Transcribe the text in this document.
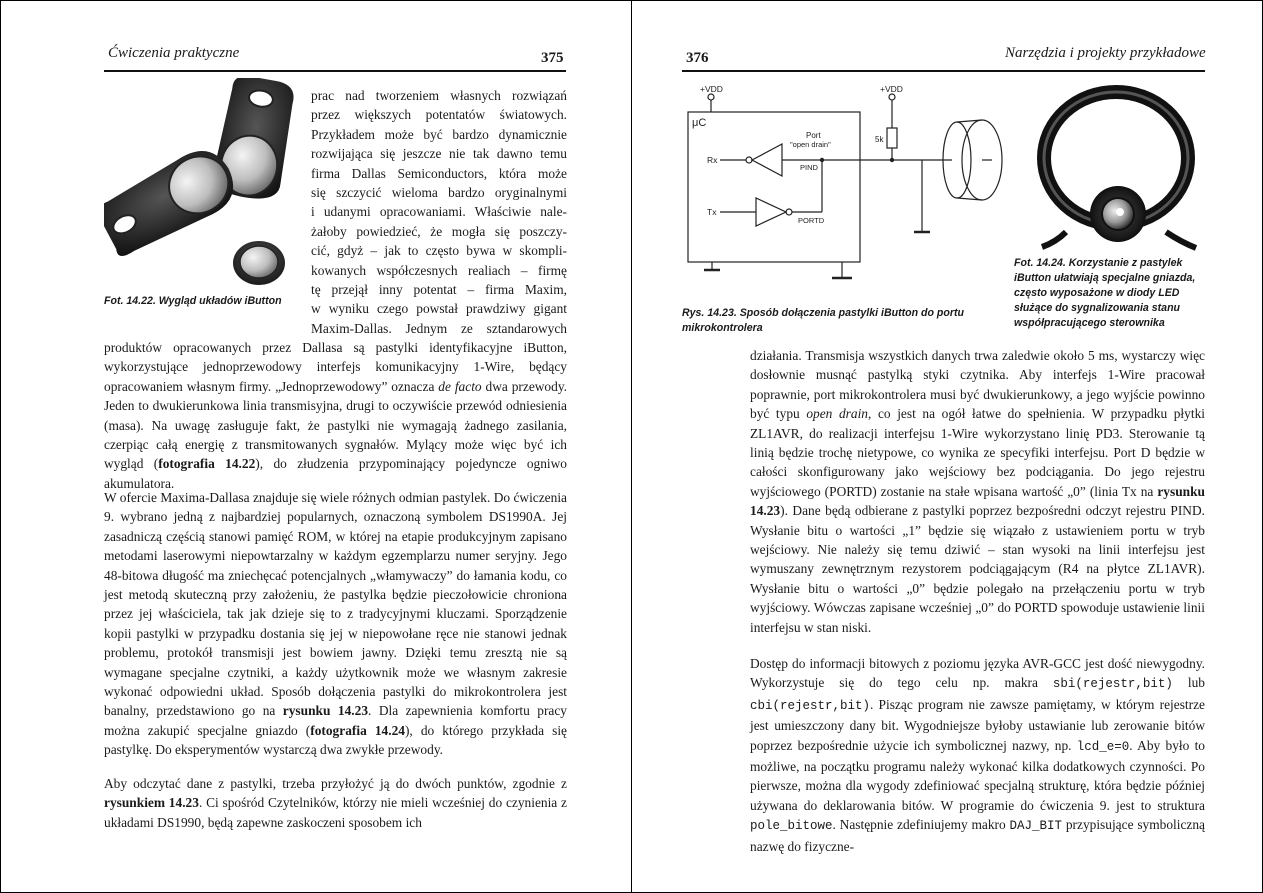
Ćwiczenia praktyczne	375
Fot. 14.22. Wygląd układów iButton
prac nad tworzeniem własnych rozwiązań
przez większych potentatów światowych.
Przykładem może być bardzo dynamicznie
rozwijająca się jeszcze nie tak dawno temu
firma Dallas Semiconductors, która może
się szczycić wieloma bardzo oryginalnymi
i udanymi opracowaniami. Właściwie nale-
żałoby powiedzieć, że mogła się poszczy-
cić, gdyż – jak to często bywa w skompli-
kowanych współczesnych realiach – firmę
tę przejął inny potentat – firma Maxim,
w wyniku czego powstał prawdziwy gigant
Maxim-Dallas. Jednym ze sztandarowych
produktów opracowanych przez Dallasa są pastylki identyfikacyjne iButton, wykorzystujące jednoprzewodowy interfejs komunikacyjny 1-Wire, będący opracowaniem własnym firmy. „Jednoprzewodowy” oznacza de facto dwa przewody. Jeden to dwukierunkowa linia transmisyjna, drugi to oczywiście przewód odniesienia (masa). Na uwagę zasługuje fakt, że pastylki nie wymagają żadnego zasilania, czerpiąc całą energię z transmitowanych sygnałów. Mylący może więc być ich wygląd (fotografia 14.22), do złudzenia przypominający pojedyncze ogniwo akumulatora.
W ofercie Maxima-Dallasa znajduje się wiele różnych odmian pastylek. Do ćwiczenia 9. wybrano jedną z najbardziej popularnych, oznaczoną symbolem DS1990A. Jej zasadniczą częścią stanowi pamięć ROM, w której na etapie produkcyjnym zapisano metodami laserowymi niepowtarzalny w każdym egzemplarzu numer seryjny. Jego 48-bitowa długość ma zniechęcać potencjalnych „włamywaczy” do łamania kodu, co jest metodą skuteczną przy założeniu, że pastylka będzie pieczołowicie chroniona przez jej właściciela, tak jak dzieje się to z tradycyjnymi kluczami. Sporządzenie kopii pastylki w przypadku dostania się jej w niepowołane ręce nie stanowi jednak problemu, protokół transmisji jest bowiem jawny. Dzięki temu zresztą nie są wymagane specjalne czytniki, a każdy użytkownik może we własnym zakresie wykonać odpowiedni układ. Sposób dołączenia pastylki do mikrokontrolera jest banalny, przedstawiono go na rysunku 14.23. Dla zapewnienia komfortu pracy można zakupić specjalne gniazdo (fotografia 14.24), do którego przykłada się pastylkę. Do eksperymentów wystarczą dwa zwykłe przewody.
Aby odczytać dane z pastylki, trzeba przyłożyć ją do dwóch punktów, zgodnie z rysunkiem 14.23. Ci spośród Czytelników, którzy nie mieli wcześniej do czynienia z układami DS1990, będą zapewne zaskoczeni sposobem ich
376	Narzędzia i projekty przykładowe
+VDD	+VDD
μC
Port
"open drain"
5k
Rx
Tx
PIND
PORTD
Rys. 14.23. Sposób dołączenia pastylki iButton do portu mikrokontrolera
Fot. 14.24. Korzystanie z pastylek iButton ułatwiają specjalne gniazda, często wyposażone w diody LED służące do sygnalizowania stanu współpracującego sterownika
działania. Transmisja wszystkich danych trwa zaledwie około 5 ms, wystarczy więc dosłownie musnąć pastylką styki czytnika. Aby interfejs 1-Wire pracował poprawnie, port mikrokontrolera musi być dwukierunkowy, a jego wyjście powinno być typu open drain, co jest na ogół łatwe do spełnienia. W przypadku płytki ZL1AVR, do realizacji interfejsu 1-Wire wykorzystano linię PD3. Sterowanie tą linią będzie trochę nietypowe, co wynika ze specyfiki interfejsu. Port D będzie w całości skonfigurowany jako wejściowy bez podciągania. Do jego rejestru wyjściowego (PORTD) zostanie na stałe wpisana wartość „0” (linia Tx na rysunku 14.23). Dane będą odbierane z pastylki poprzez bezpośredni odczyt rejestru PIND. Wysłanie bitu o wartości „1” będzie się wiązało z ustawieniem portu w tryb wejściowy. Nie należy się temu dziwić – stan wysoki na linii interfejsu jest wymuszany zewnętrznym rezystorem podciągającym (R4 na płytce ZL1AVR). Wysłanie bitu o wartości „0” będzie polegało na przełączeniu portu w tryb wyjściowy. Wówczas zapisane wcześniej „0” do PORTD spowoduje ustawienie linii interfejsu w stan niski.
Dostęp do informacji bitowych z poziomu języka AVR-GCC jest dość niewygodny. Wykorzystuje się do tego celu np. makra sbi(rejestr,bit) lub cbi(rejestr,bit). Pisząc program nie zawsze pamiętamy, w którym rejestrze jest umieszczony dany bit. Wygodniejsze byłoby ustawianie lub zerowanie bitów poprzez bezpośrednie użycie ich symbolicznej nazwy, np. lcd_e=0. Aby było to możliwe, na początku programu należy wykonać kilka dodatkowych czynności. Po pierwsze, można dla wygody zdefiniować specjalną strukturę, która będzie później używana do deklarowania bitów. W programie do ćwiczenia 9. jest to struktura pole_bitowe. Następnie zdefiniujemy makro DAJ_BIT przypisujące symboliczną nazwę do fizyczne-
